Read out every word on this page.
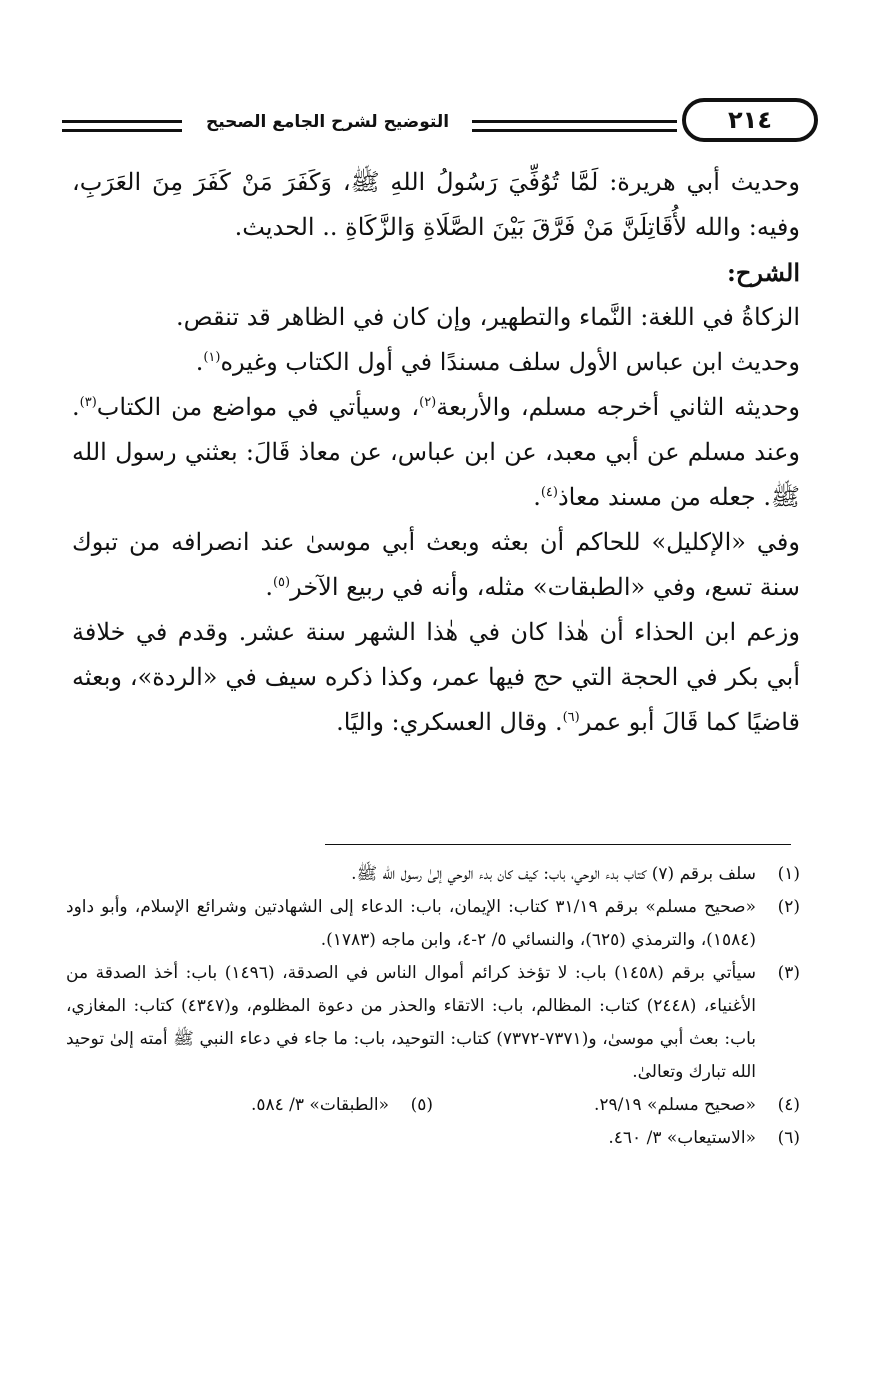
التوضيح لشرح الجامع الصحيح	٢١٤

وحديث أبي هريرة: لَمَّا تُوُفِّيَ رَسُولُ اللهِ ﷺ، وَكَفَرَ مَنْ كَفَرَ مِنَ العَرَبِ، وفيه: والله لأُقَاتِلَنَّ مَنْ فَرَّقَ بَيْنَ الصَّلَاةِ وَالزَّكَاةِ .. الحديث.

الشرح:

الزكاةُ في اللغة: النَّماء والتطهير، وإن كان في الظاهر قد تنقص.

وحديث ابن عباس الأول سلف مسندًا في أول الكتاب وغيره$^{(١)}$.

وحديثه الثاني أخرجه مسلم، والأربعة$^{(٢)}$، وسيأتي في مواضع من الكتاب$^{(٣)}$. وعند مسلم عن أبي معبد، عن ابن عباس، عن معاذ قَالَ: بعثني رسول الله ﷺ. جعله من مسند معاذ$^{(٤)}$.

وفي «الإكليل» للحاكم أن بعثه وبعث أبي موسىٰ عند انصرافه من تبوك سنة تسع، وفي «الطبقات» مثله، وأنه في ربيع الآخر$^{(٥)}$.

وزعم ابن الحذاء أن هٰذا كان في هٰذا الشهر سنة عشر. وقدم في خلافة أبي بكر في الحجة التي حج فيها عمر، وكذا ذكره سيف في «الردة»، وبعثه قاضيًا كما قَالَ أبو عمر$^{(٦)}$. وقال العسكري: واليًا.

(١)
سلف برقم (٧) كتاب بدء الوحي، باب: كيف كان بدء الوحي إلىٰ رسول الله ﷺ.
(٢)
«صحيح مسلم» برقم ٣١/١٩ كتاب: الإيمان، باب: الدعاء إلى الشهادتين وشرائع الإسلام، وأبو داود (١٥٨٤)، والترمذي (٦٢٥)، والنسائي ٥/ ٢-٤، وابن ماجه (١٧٨٣).
(٣)
سيأتي برقم (١٤٥٨) باب: لا تؤخذ كرائم أموال الناس في الصدقة، (١٤٩٦) باب: أخذ الصدقة من الأغنياء، (٢٤٤٨) كتاب: المظالم، باب: الاتقاء والحذر من دعوة المظلوم، و(٤٣٤٧) كتاب: المغازي، باب: بعث أبي موسىٰ، و(٧٣٧١-٧٣٧٢) كتاب: التوحيد، باب: ما جاء في دعاء النبي ﷺ أمته إلىٰ توحيد الله تبارك وتعالىٰ.
(٤)
«صحيح مسلم» ٢٩/١٩.
(٥)
«الطبقات» ٣/ ٥٨٤.
(٦)
«الاستيعاب» ٣/ ٤٦٠.
